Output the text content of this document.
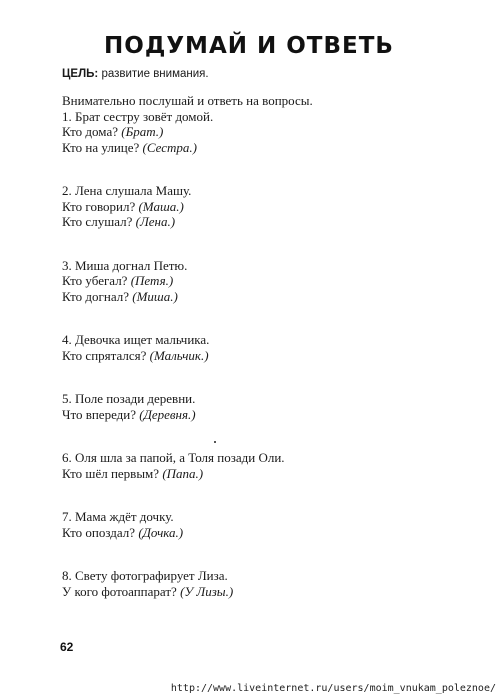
ПОДУМАЙ И ОТВЕТЬ
ЦЕЛЬ: развитие внимания.
Внимательно послушай и ответь на вопросы.
1. Брат сестру зовёт домой.
Кто дома? (Брат.)
Кто на улице? (Сестра.)
2. Лена слушала Машу.
Кто говорил? (Маша.)
Кто слушал? (Лена.)
3. Миша догнал Петю.
Кто убегал? (Петя.)
Кто догнал? (Миша.)
4. Девочка ищет мальчика.
Кто спрятался? (Мальчик.)
5. Поле позади деревни.
Что впереди? (Деревня.)
6. Оля шла за папой, а Толя позади Оли.
Кто шёл первым? (Папа.)
7. Мама ждёт дочку.
Кто опоздал? (Дочка.)
8. Свету фотографирует Лиза.
У кого фотоаппарат? (У Лизы.)
62
http://www.liveinternet.ru/users/moim_vnukam_poleznoe/
